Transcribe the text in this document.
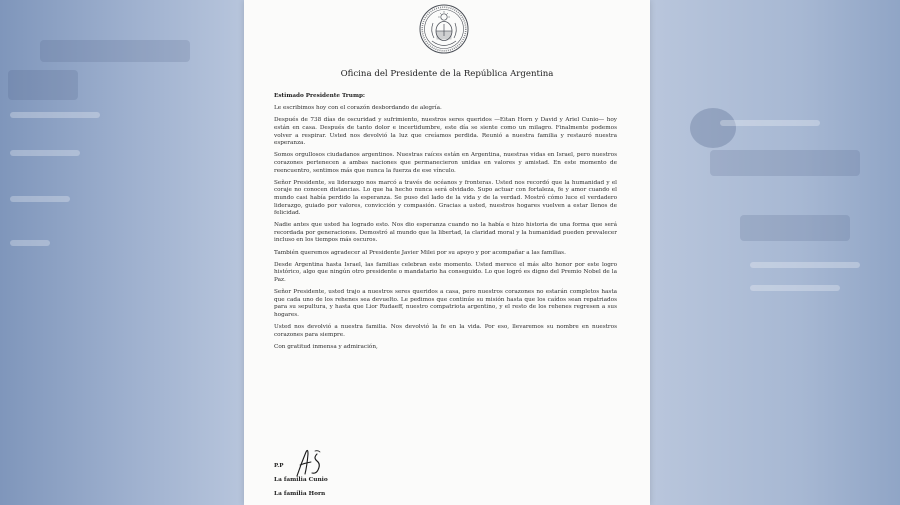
Oficina del Presidente de la República Argentina

Estimado Presidente Trump:

Le escribimos hoy con el corazón desbordando de alegría.

Después de 738 días de oscuridad y sufrimiento, nuestros seres queridos —Eitan Horn y David y Ariel Cunio— hoy están en casa. Después de tanto dolor e incertidumbre, este día se siente como un milagro. Finalmente podemos volver a respirar. Usted nos devolvió la luz que creíamos perdida. Reunió a nuestra familia y restauró nuestra esperanza.

Somos orgullosos ciudadanos argentinos. Nuestras raíces están en Argentina, nuestras vidas en Israel, pero nuestros corazones pertenecen a ambas naciones que permanecieron unidas en valores y amistad. En este momento de reencuentro, sentimos más que nunca la fuerza de ese vínculo.

Señor Presidente, su liderazgo nos marcó a través de océanos y fronteras. Usted nos recordó que la humanidad y el coraje no conocen distancias. Lo que ha hecho nunca será olvidado. Supo actuar con fortaleza, fe y amor cuando el mundo casi había perdido la esperanza. Se puso del lado de la vida y de la verdad. Mostró cómo luce el verdadero liderazgo, guiado por valores, convicción y compasión. Gracias a usted, nuestros hogares vuelven a estar llenos de felicidad.

Nadie antes que usted ha logrado esto. Nos dio esperanza cuando no la había e hizo historia de una forma que será recordada por generaciones. Demostró al mundo que la libertad, la claridad moral y la humanidad pueden prevalecer incluso en los tiempos más oscuros.

También queremos agradecer al Presidente Javier Milei por su apoyo y por acompañar a las familias.

Desde Argentina hasta Israel, las familias celebran este momento. Usted merece el más alto honor por este logro histórico, algo que ningún otro presidente o mandatario ha conseguido. Lo que logró es digno del Premio Nobel de la Paz.

Señor Presidente, usted trajo a nuestros seres queridos a casa, pero nuestros corazones no estarán completos hasta que cada uno de los rehenes sea devuelto. Le pedimos que continúe su misión hasta que los caídos sean repatriados para su sepultura, y hasta que Lior Rudaeff, nuestro compatriota argentino, y el resto de los rehenes regresen a sus hogares.

Usted nos devolvió a nuestra familia. Nos devolvió la fe en la vida. Por eso, llevaremos su nombre en nuestros corazones para siempre.

Con gratitud inmensa y admiración,

P.P
La familia Cunio
La familia Horn
